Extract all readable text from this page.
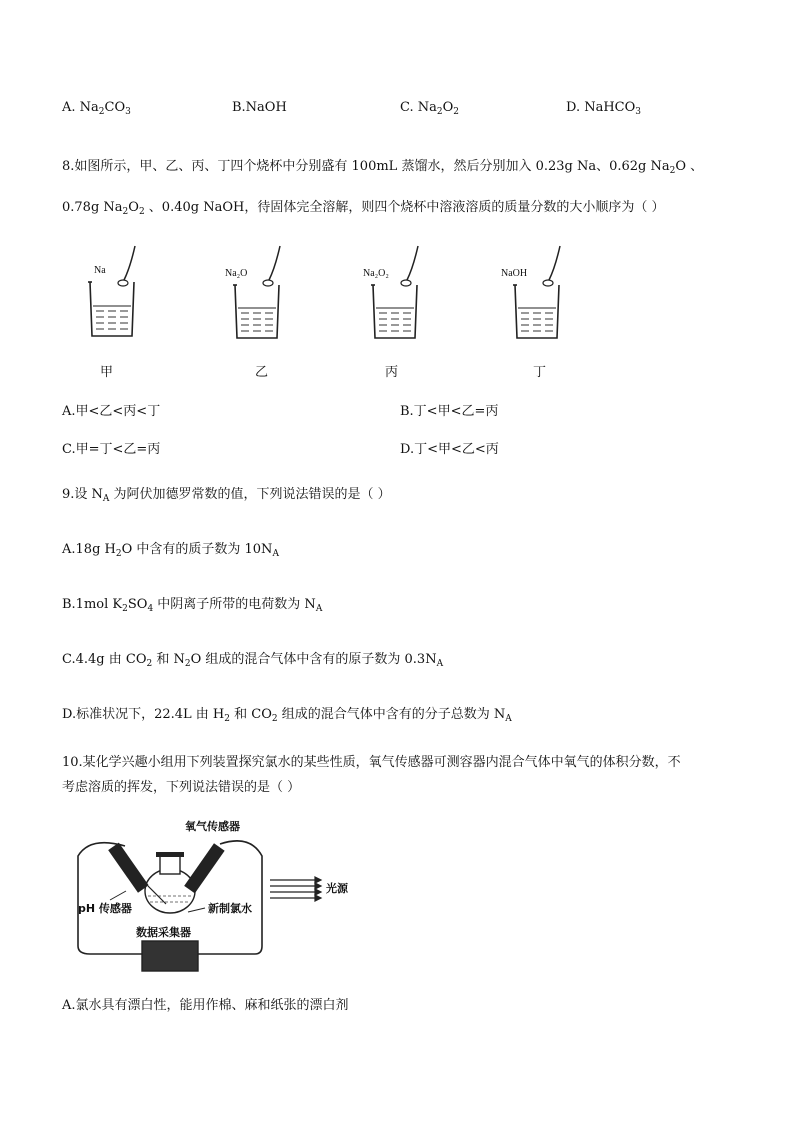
A. $Na_2CO_3$	B.NaOH	C. $Na_2O_2$	D. NaHCO$_3$
8.如图所示，甲、乙、丙、丁四个烧杯中分别盛有 100mL 蒸馏水，然后分别加入 0.23g Na、0.62g $Na_2O$ 、
0.78g $Na_2O_2$ 、0.40g NaOH，待固体完全溶解，则四个烧杯中溶液溶质的质量分数的大小顺序为（ ）
Na	Na₂O	Na₂O₂	NaOH
甲	乙	丙	丁
A.甲<乙<丙<丁	B.丁<甲<乙=丙
C.甲=丁<乙=丙	D.丁<甲<乙<丙
9.设 $N_A$ 为阿伏加德罗常数的值，下列说法错误的是（ ）
A.18g $H_2O$ 中含有的质子数为 $10N_A$
B.1mol $K_2SO_4$ 中阴离子所带的电荷数为 $N_A$
C.4.4g 由 $CO_2$ 和 $N_2O$ 组成的混合气体中含有的原子数为 $0.3N_A$
D.标准状况下，22.4L 由 $H_2$ 和 $CO_2$ 组成的混合气体中含有的分子总数为 $N_A$
10.某化学兴趣小组用下列装置探究氯水的某些性质，氧气传感器可测容器内混合气体中氧气的体积分数，不
考虑溶质的挥发，下列说法错误的是（ ）
氧气传感器
pH 传感器	新制氯水
光源
数据采集器
A.氯水具有漂白性，能用作棉、麻和纸张的漂白剂
